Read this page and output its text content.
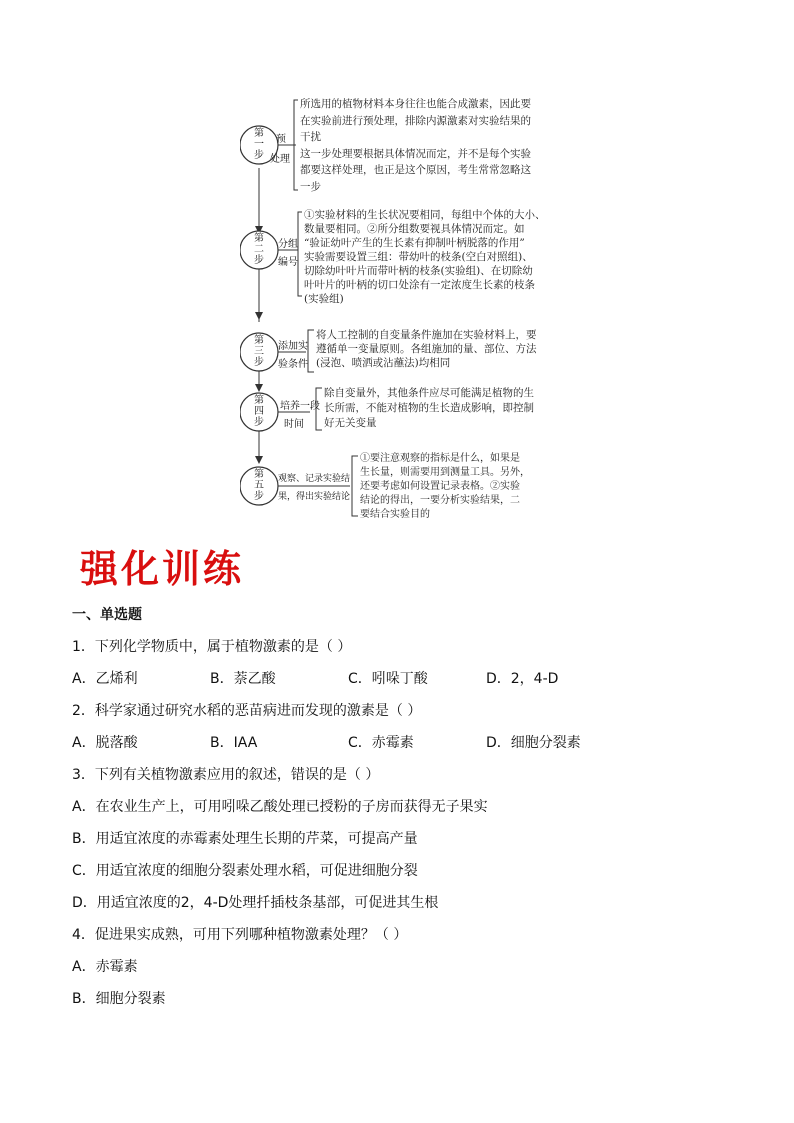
第
一
步
第
二
步
第
三
步
第
四
步
第
五
步
预
处理
分组
编号
添加实
验条件
培养一段
时间
观察、记录实验结
果，得出实验结论
所选用的植物材料本身往往也能合成激素，因此要
在实验前进行预处理，排除内源激素对实验结果的
干扰
这一步处理要根据具体情况而定，并不是每个实验
都要这样处理，也正是这个原因，考生常常忽略这
一步
①实验材料的生长状况要相同，每组中个体的大小、
数量要相同。②所分组数要视具体情况而定。如
“验证幼叶产生的生长素有抑制叶柄脱落的作用”
实验需要设置三组：带幼叶的枝条(空白对照组)、
切除幼叶叶片而带叶柄的枝条(实验组)、在切除幼
叶叶片的叶柄的切口处涂有一定浓度生长素的枝条
(实验组)
将人工控制的自变量条件施加在实验材料上，要
遵循单一变量原则。各组施加的量、部位、方法
(浸泡、喷洒或沾蘸法)均相同
除自变量外，其他条件应尽可能满足植物的生
长所需，不能对植物的生长造成影响，即控制
好无关变量
①要注意观察的指标是什么，如果是
生长量，则需要用到测量工具。另外，
还要考虑如何设置记录表格。②实验
结论的得出，一要分析实验结果，二
要结合实验目的
强化训练
一、单选题
1．下列化学物质中，属于植物激素的是（ ）
A．乙烯利	B．萘乙酸	C．吲哚丁酸	D．2，4-D
2．科学家通过研究水稻的恶苗病进而发现的激素是（ ）
A．脱落酸	B．IAA	C．赤霉素	D．细胞分裂素
3．下列有关植物激素应用的叙述，错误的是（ ）
A．在农业生产上，可用吲哚乙酸处理已授粉的子房而获得无子果实
B．用适宜浓度的赤霉素处理生长期的芹菜，可提高产量
C．用适宜浓度的细胞分裂素处理水稻，可促进细胞分裂
D．用适宜浓度的2，4-D处理扦插枝条基部，可促进其生根
4．促进果实成熟，可用下列哪种植物激素处理？（ ）
A．赤霉素
B．细胞分裂素
